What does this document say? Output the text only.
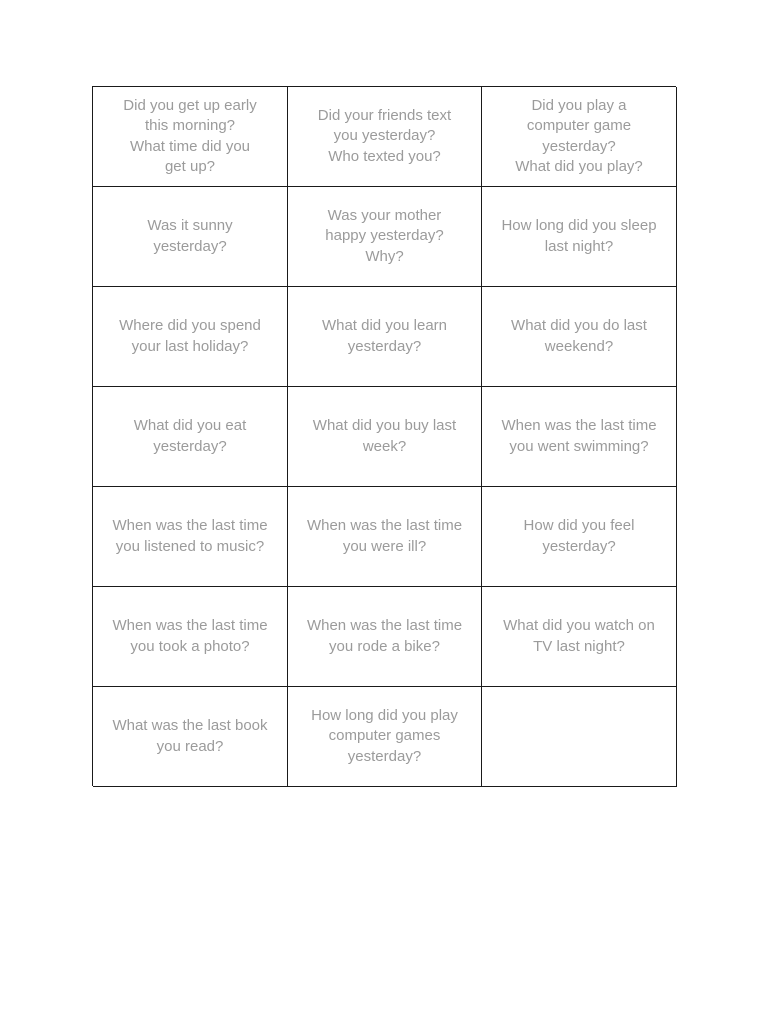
Did you get up early
this morning?
What time did you
get up?
Did your friends text
you yesterday?
Who texted you?
Did you play a
computer game
yesterday?
What did you play?
Was it sunny
yesterday?
Was your mother
happy yesterday?
Why?
How long did you sleep
last night?
Where did you spend
your last holiday?
What did you learn
yesterday?
What did you do last
weekend?
What did you eat
yesterday?
What did you buy last
week?
When was the last time
you went swimming?
When was the last time
you listened to music?
When was the last time
you were ill?
How did you feel
yesterday?
When was the last time
you took a photo?
When was the last time
you rode a bike?
What did you watch on
TV last night?
What was the last book
you read?
How long did you play
computer games
yesterday?
